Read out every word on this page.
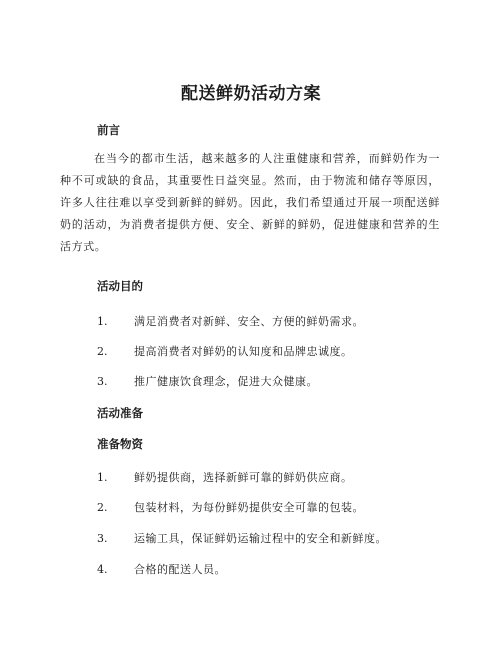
配送鲜奶活动方案
前言
在当今的都市生活，越来越多的人注重健康和营养，而鲜奶作为一种不可或缺的食品，其重要性日益突显。然而，由于物流和储存等原因，许多人往往难以享受到新鲜的鲜奶。因此，我们希望通过开展一项配送鲜奶的活动，为消费者提供方便、安全、新鲜的鲜奶，促进健康和营养的生活方式。
活动目的
1. 满足消费者对新鲜、安全、方便的鲜奶需求。
2. 提高消费者对鲜奶的认知度和品牌忠诚度。
3. 推广健康饮食理念，促进大众健康。
活动准备
准备物资
1. 鲜奶提供商，选择新鲜可靠的鲜奶供应商。
2. 包装材料，为每份鲜奶提供安全可靠的包装。
3. 运输工具，保证鲜奶运输过程中的安全和新鲜度。
4. 合格的配送人员。
